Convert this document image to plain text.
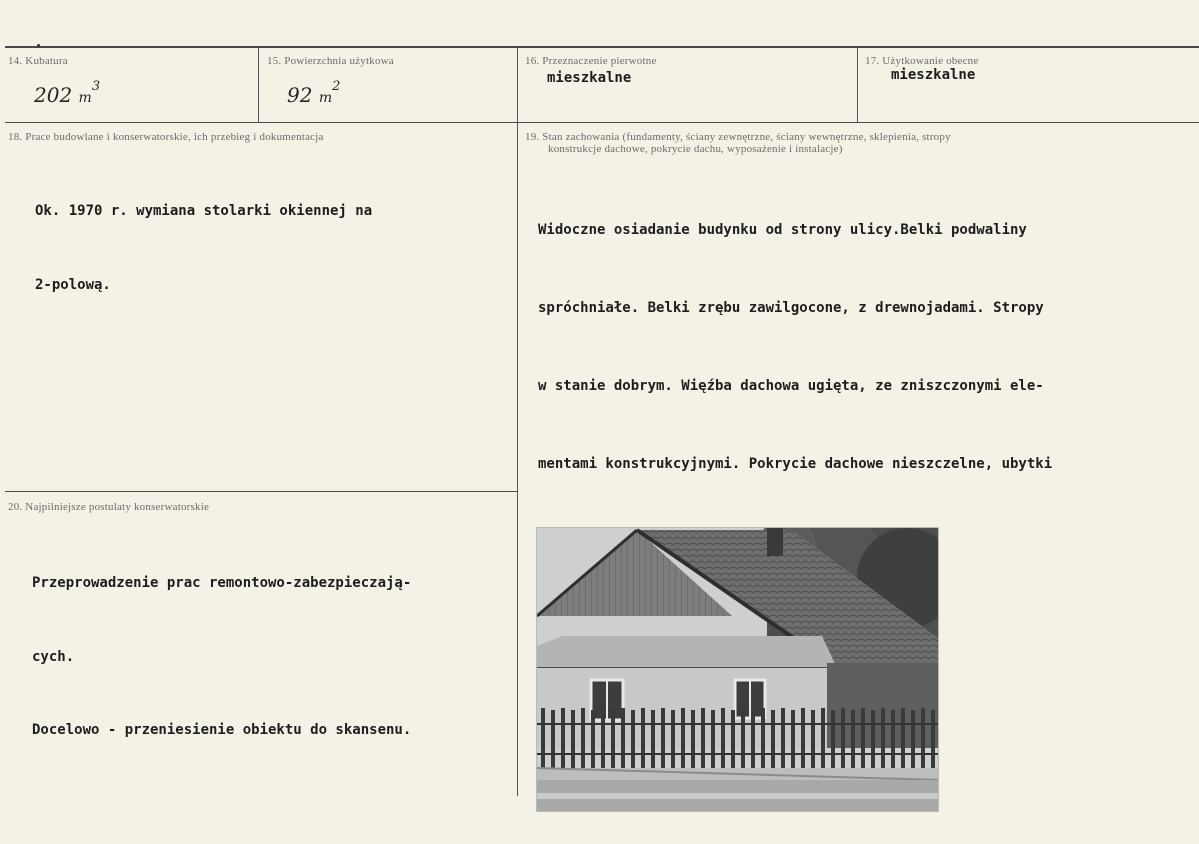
14. Kubatura
202 $m^3$
15. Powierzchnia użytkowa
92 $m^2$
16. Przeznaczenie pierwotne
mieszkalne
17. Użytkowanie obecne
mieszkalne
18. Prace budowlane i konserwatorskie, ich przebieg i dokumentacja

Ok. 1970 r. wymiana stolarki okiennej na

2-polową.

19. Stan zachowania (fundamenty, ściany zewnętrzne, ściany wewnętrzne, sklepienia, stropy
konstrukcje dachowe, pokrycie dachu, wyposażenie i instalacje)

Widoczne osiadanie budynku od strony ulicy.Belki podwaliny

spróchniałe. Belki zrębu zawilgocone, z drewnojadami. Stropy

w stanie dobrym. Więźba dachowa ugięta, ze zniszczonymi ele-

mentami konstrukcyjnymi. Pokrycie dachowe nieszczelne, ubytki

20. Najpilniejsze postulaty konserwatorskie

Przeprowadzenie prac remontowo-zabezpieczają-

cych.

Docelowo - przeniesienie obiektu do skansenu.
